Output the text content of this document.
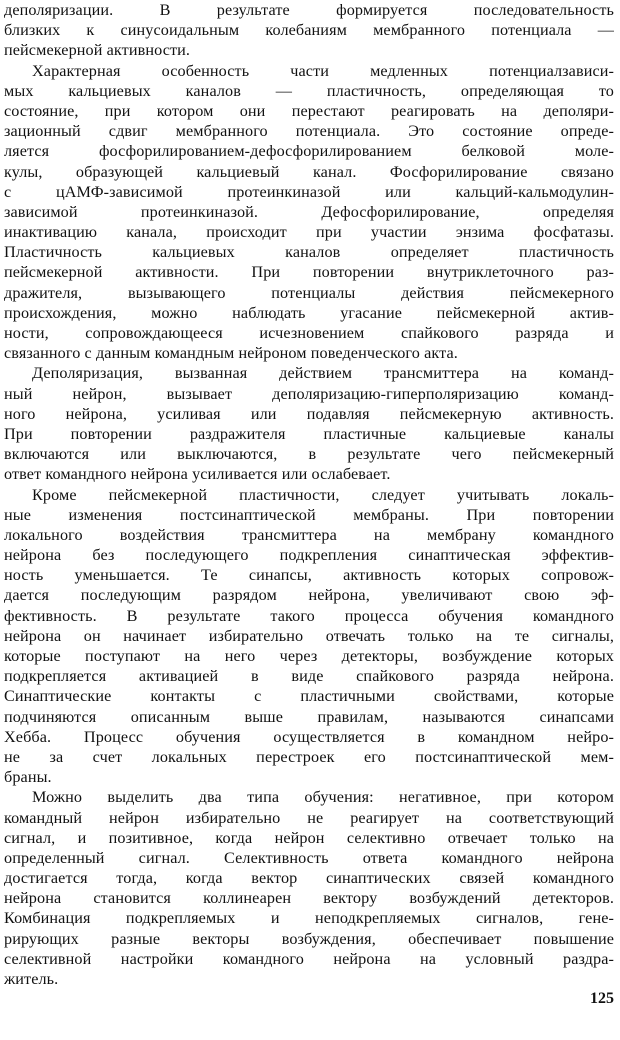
деполяризации. В результате формируется последовательность
близких к синусоидальным колебаниям мембранного потенциала —
пейсмекерной активности.
Характерная особенность части медленных потенциалзависи-
мых кальциевых каналов — пластичность, определяющая то
состояние, при котором они перестают реагировать на деполяри-
зационный сдвиг мембранного потенциала. Это состояние опреде-
ляется фосфорилированием-дефосфорилированием белковой моле-
кулы, образующей кальциевый канал. Фосфорилирование связано
с цАМФ-зависимой протеинкиназой или кальций-кальмодулин-
зависимой протеинкиназой. Дефосфорилирование, определяя
инактивацию канала, происходит при участии энзима фосфатазы.
Пластичность кальциевых каналов определяет пластичность
пейсмекерной активности. При повторении внутриклеточного раз-
дражителя, вызывающего потенциалы действия пейсмекерного
происхождения, можно наблюдать угасание пейсмекерной актив-
ности, сопровождающееся исчезновением спайкового разряда и
связанного с данным командным нейроном поведенческого акта.
Деполяризация, вызванная действием трансмиттера на команд-
ный нейрон, вызывает деполяризацию-гиперполяризацию команд-
ного нейрона, усиливая или подавляя пейсмекерную активность.
При повторении раздражителя пластичные кальциевые каналы
включаются или выключаются, в результате чего пейсмекерный
ответ командного нейрона усиливается или ослабевает.
Кроме пейсмекерной пластичности, следует учитывать локаль-
ные изменения постсинаптической мембраны. При повторении
локального воздействия трансмиттера на мембрану командного
нейрона без последующего подкрепления синаптическая эффектив-
ность уменьшается. Те синапсы, активность которых сопровож-
дается последующим разрядом нейрона, увеличивают свою эф-
фективность. В результате такого процесса обучения командного
нейрона он начинает избирательно отвечать только на те сигналы,
которые поступают на него через детекторы, возбуждение которых
подкрепляется активацией в виде спайкового разряда нейрона.
Синаптические контакты с пластичными свойствами, которые
подчиняются описанным выше правилам, называются синапсами
Хебба. Процесс обучения осуществляется в командном нейро-
не за счет локальных перестроек его постсинаптической мем-
браны.
Можно выделить два типа обучения: негативное, при котором
командный нейрон избирательно не реагирует на соответствующий
сигнал, и позитивное, когда нейрон селективно отвечает только на
определенный сигнал. Селективность ответа командного нейрона
достигается тогда, когда вектор синаптических связей командного
нейрона становится коллинеарен вектору возбуждений детекторов.
Комбинация подкрепляемых и неподкрепляемых сигналов, гене-
рирующих разные векторы возбуждения, обеспечивает повышение
селективной настройки командного нейрона на условный раздра-
житель.
125
